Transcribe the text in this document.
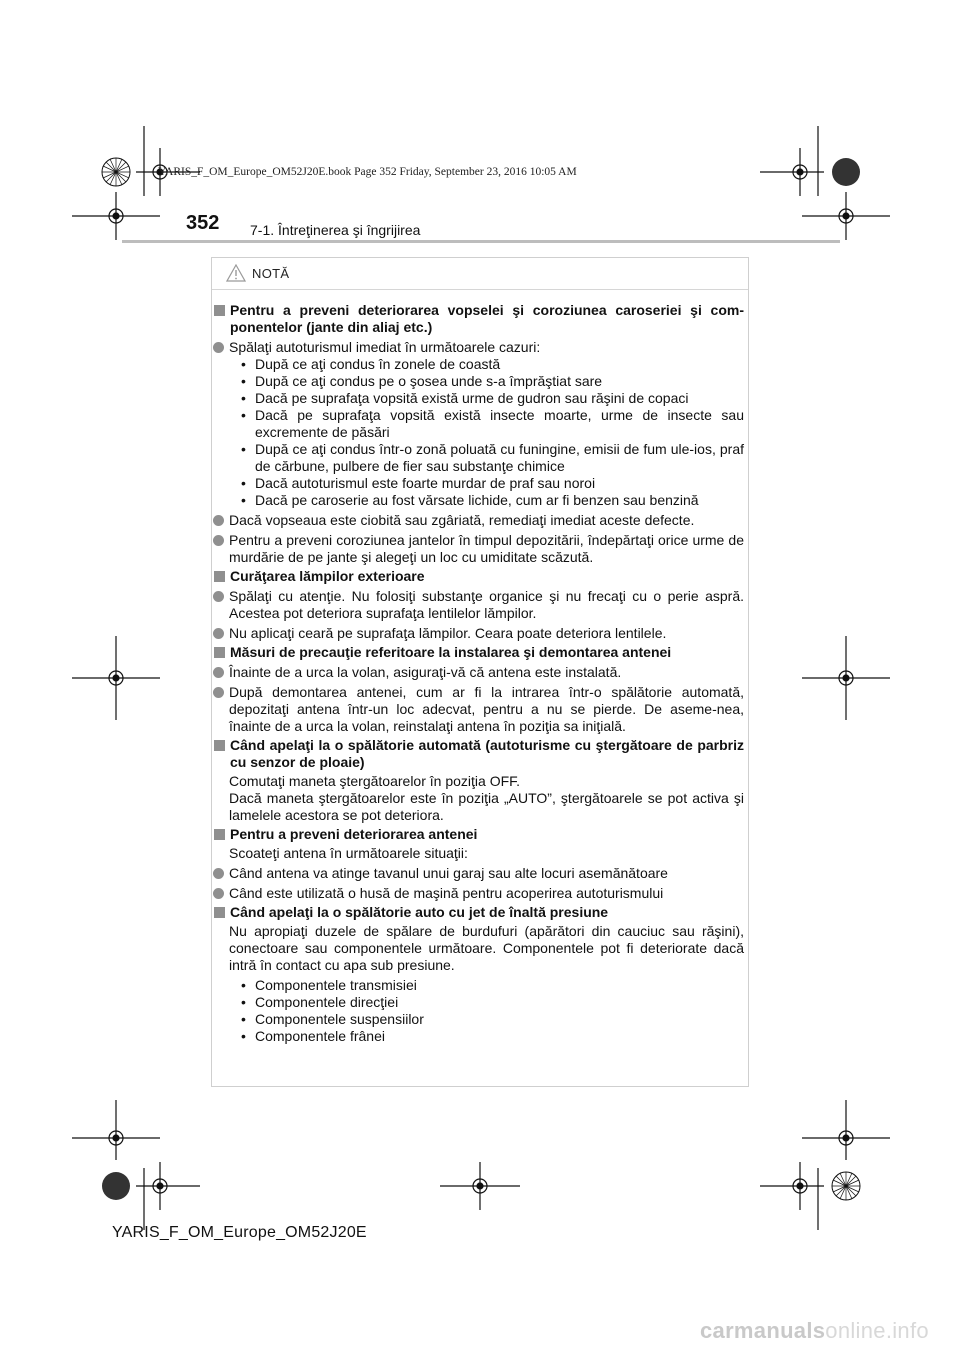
YARIS_F_OM_Europe_OM52J20E.book Page 352 Friday, September 23, 2016 10:05 AM
352 7-1. Întreţinerea şi îngrijirea
NOTĂ
Pentru a preveni deteriorarea vopselei şi coroziunea caroseriei şi com-ponentelor (jante din aliaj etc.)
Spălaţi autoturismul imediat în următoarele cazuri:
• După ce aţi condus în zonele de coastă
• După ce aţi condus pe o şosea unde s-a împrăştiat sare
• Dacă pe suprafaţa vopsită există urme de gudron sau răşini de copaci
• Dacă pe suprafaţa vopsită există insecte moarte, urme de insecte sau excremente de păsări
• După ce aţi condus într-o zonă poluată cu funingine, emisii de fum ule-ios, praf de cărbune, pulbere de fier sau substanţe chimice
• Dacă autoturismul este foarte murdar de praf sau noroi
• Dacă pe caroserie au fost vărsate lichide, cum ar fi benzen sau benzină
Dacă vopseaua este ciobită sau zgâriată, remediaţi imediat aceste defecte.
Pentru a preveni coroziunea jantelor în timpul depozitării, îndepărtaţi orice urme de murdărie de pe jante şi alegeţi un loc cu umiditate scăzută.
Curăţarea lămpilor exterioare
Spălaţi cu atenţie. Nu folosiţi substanţe organice şi nu frecaţi cu o perie aspră. Acestea pot deteriora suprafaţa lentilelor lămpilor.
Nu aplicaţi ceară pe suprafaţa lămpilor. Ceara poate deteriora lentilele.
Măsuri de precauţie referitoare la instalarea şi demontarea antenei
Înainte de a urca la volan, asiguraţi-vă că antena este instalată.
După demontarea antenei, cum ar fi la intrarea într-o spălătorie automată, depozitaţi antena într-un loc adecvat, pentru a nu se pierde. De aseme-nea, înainte de a urca la volan, reinstalaţi antena în poziţia sa iniţială.
Când apelaţi la o spălătorie automată (autoturisme cu ştergătoare de parbriz cu senzor de ploaie)
Comutaţi maneta ştergătoarelor în poziţia OFF.
Dacă maneta ştergătoarelor este în poziţia „AUTO”, ştergătoarele se pot activa şi lamelele acestora se pot deteriora.
Pentru a preveni deteriorarea antenei
Scoateţi antena în următoarele situaţii:
Când antena va atinge tavanul unui garaj sau alte locuri asemănătoare
Când este utilizată o husă de maşină pentru acoperirea autoturismului
Când apelaţi la o spălătorie auto cu jet de înaltă presiune
Nu apropiaţi duzele de spălare de burdufuri (apărători din cauciuc sau răşini), conectoare sau componentele următoare. Componentele pot fi deteriorate dacă intră în contact cu apa sub presiune.
• Componentele transmisiei
• Componentele direcţiei
• Componentele suspensiilor
• Componentele frânei
YARIS_F_OM_Europe_OM52J20E
carmanualsonline.info
